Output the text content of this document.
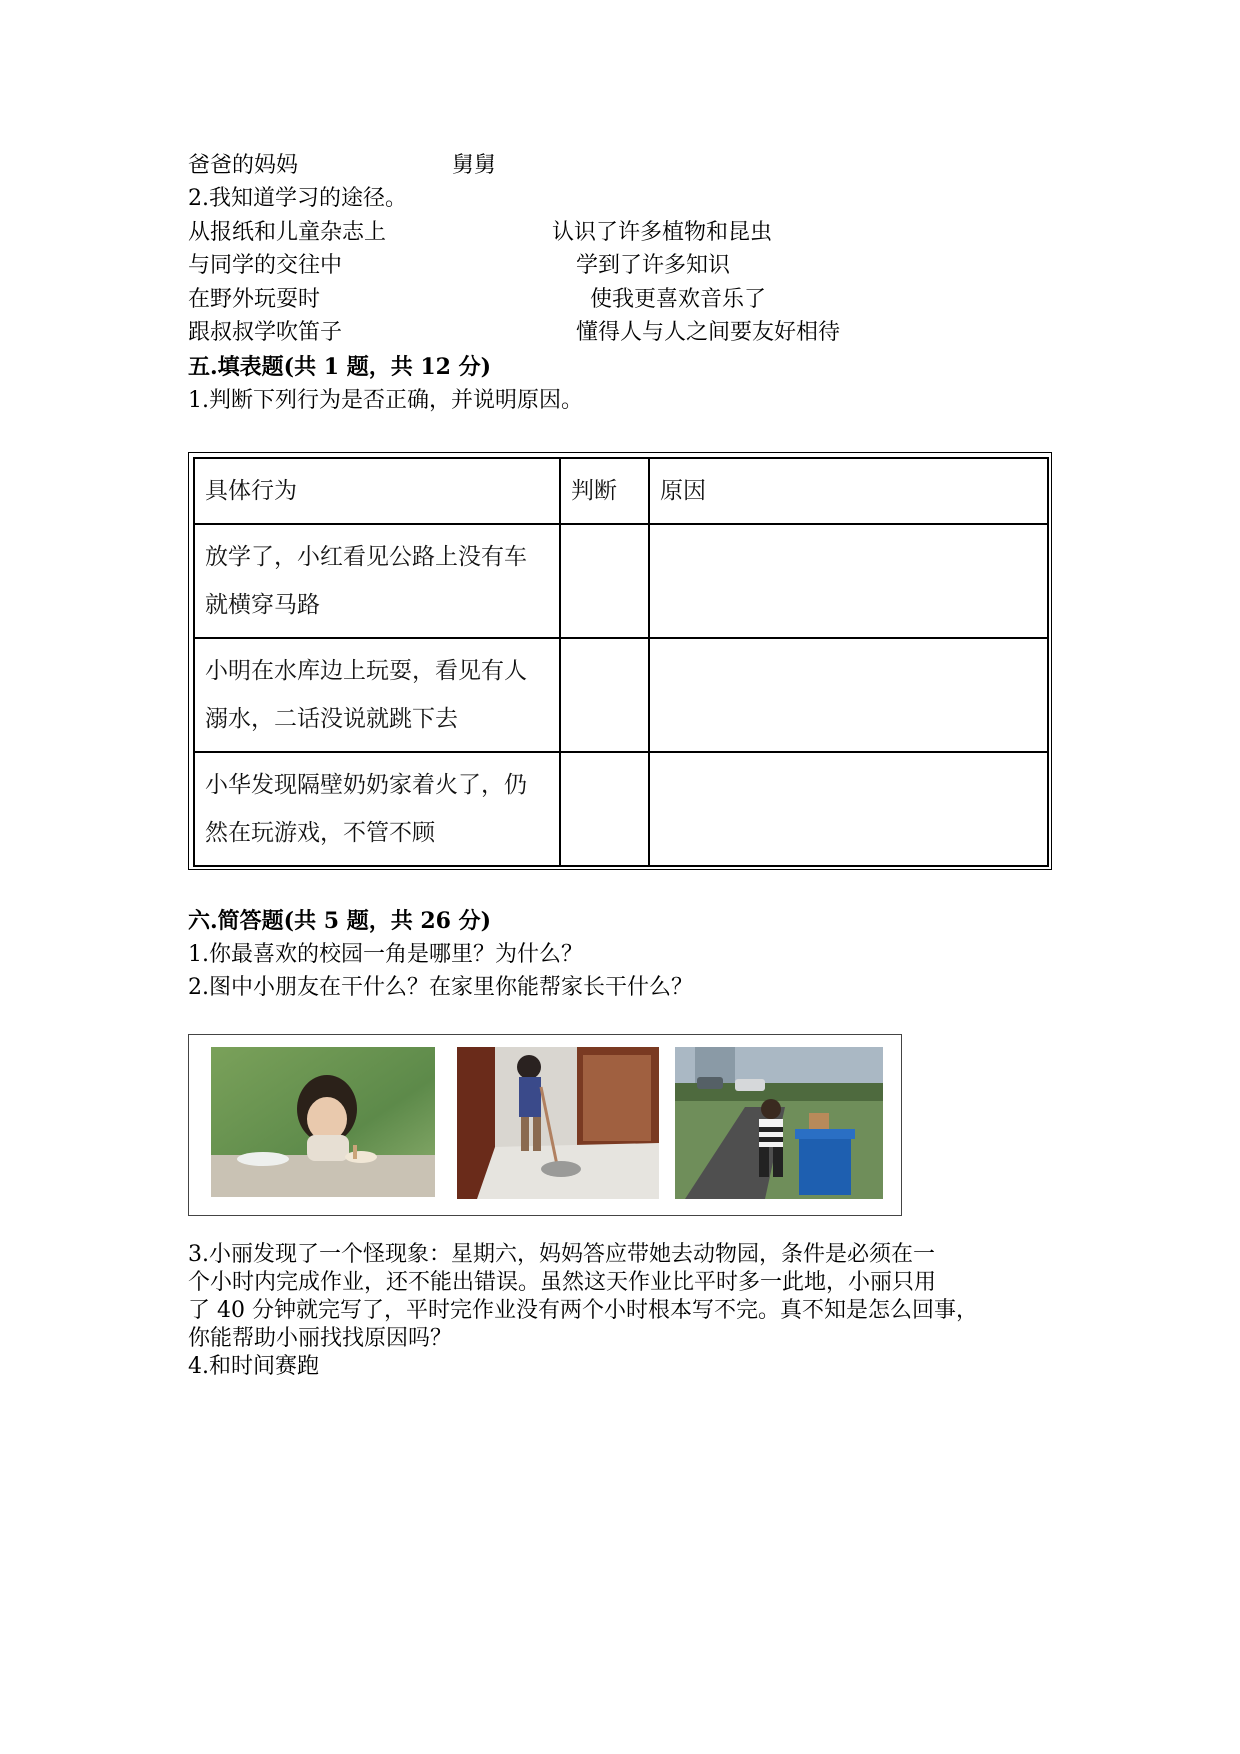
爸爸的妈妈	舅舅
2.我知道学习的途径。
从报纸和儿童杂志上	认识了许多植物和昆虫
与同学的交往中	学到了许多知识
在野外玩耍时	使我更喜欢音乐了
跟叔叔学吹笛子	懂得人与人之间要友好相待
五.填表题(共 1 题，共 12 分)
1.判断下列行为是否正确，并说明原因。
具体行为	判断	原因

放学了，小红看见公路上没有车
就横穿马路		

小明在水库边上玩耍，看见有人
溺水，二话没说就跳下去		

小华发现隔壁奶奶家着火了，仍
然在玩游戏，不管不顾		

六.简答题(共 5 题，共 26 分)
1.你最喜欢的校园一角是哪里？为什么？
2.图中小朋友在干什么？在家里你能帮家长干什么？
3.小丽发现了一个怪现象：星期六，妈妈答应带她去动物园，条件是必须在一
个小时内完成作业，还不能出错误。虽然这天作业比平时多一此地，小丽只用
了 40 分钟就完写了，平时完作业没有两个小时根本写不完。真不知是怎么回事，
你能帮助小丽找找原因吗？
4.和时间赛跑
